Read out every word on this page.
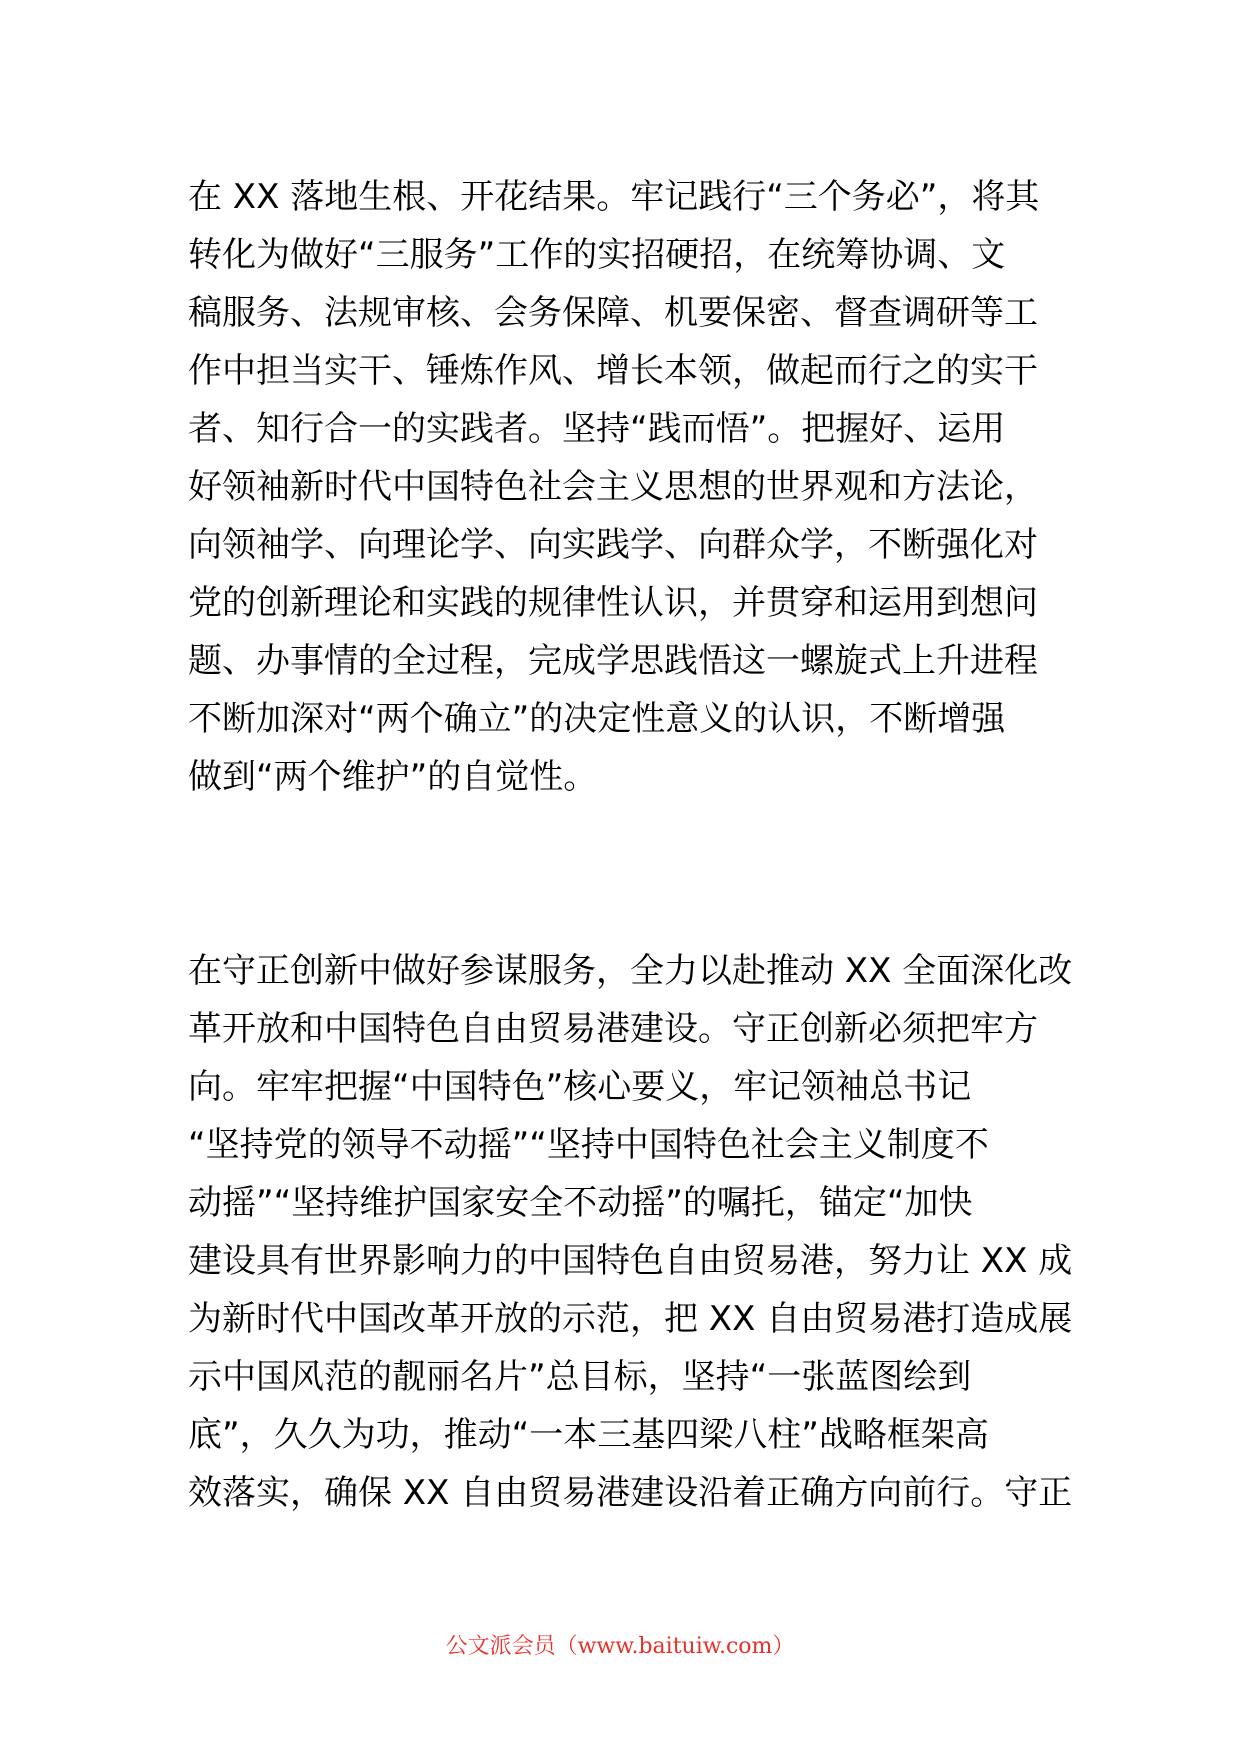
在 XX 落地生根、开花结果。牢记践行“三个务必”，将其
转化为做好“三服务”工作的实招硬招，在统筹协调、文
稿服务、法规审核、会务保障、机要保密、督查调研等工
作中担当实干、锤炼作风、增长本领，做起而行之的实干
者、知行合一的实践者。坚持“践而悟”。把握好、运用
好领袖新时代中国特色社会主义思想的世界观和方法论，
向领袖学、向理论学、向实践学、向群众学，不断强化对
党的创新理论和实践的规律性认识，并贯穿和运用到想问
题、办事情的全过程，完成学思践悟这一螺旋式上升进程
不断加深对“两个确立”的决定性意义的认识，不断增强
做到“两个维护”的自觉性。
在守正创新中做好参谋服务，全力以赴推动 XX 全面深化改
革开放和中国特色自由贸易港建设。守正创新必须把牢方
向。牢牢把握“中国特色”核心要义，牢记领袖总书记
“坚持党的领导不动摇”“坚持中国特色社会主义制度不
动摇”“坚持维护国家安全不动摇”的嘱托，锚定“加快
建设具有世界影响力的中国特色自由贸易港，努力让 XX 成
为新时代中国改革开放的示范，把 XX 自由贸易港打造成展
示中国风范的靓丽名片”总目标，坚持“一张蓝图绘到
底”，久久为功，推动“一本三基四梁八柱”战略框架高
效落实，确保 XX 自由贸易港建设沿着正确方向前行。守正
公文派会员（www.baituiw.com）
